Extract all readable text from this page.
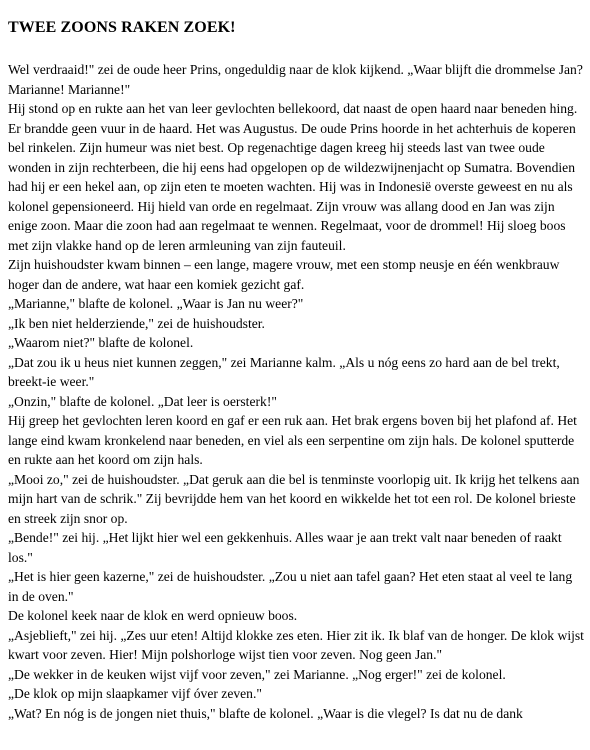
TWEE ZOONS RAKEN ZOEK!

Wel verdraaid!" zei de oude heer Prins, ongeduldig naar de klok kijkend. „Waar blijft die drommelse Jan? Marianne! Marianne!"

Hij stond op en rukte aan het van leer gevlochten bellekoord, dat naast de open haard naar beneden hing. Er brandde geen vuur in de haard. Het was Augustus. De oude Prins hoorde in het achterhuis de koperen bel rinkelen. Zijn humeur was niet best. Op regenachtige dagen kreeg hij steeds last van twee oude wonden in zijn rechterbeen, die hij eens had opgelopen op de wildezwijnenjacht op Sumatra. Bovendien had hij er een hekel aan, op zijn eten te moeten wachten. Hij was in Indonesië overste geweest en nu als kolonel gepensioneerd. Hij hield van orde en regelmaat. Zijn vrouw was allang dood en Jan was zijn enige zoon. Maar die zoon had aan regelmaat te wennen. Regelmaat, voor de drommel! Hij sloeg boos met zijn vlakke hand op de leren armleuning van zijn fauteuil.

Zijn huishoudster kwam binnen – een lange, magere vrouw, met een stomp neusje en één wenkbrauw hoger dan de andere, wat haar een komiek gezicht gaf.

„Marianne," blafte de kolonel. „Waar is Jan nu weer?"

„Ik ben niet helderziende," zei de huishoudster.

„Waarom niet?" blafte de kolonel.

„Dat zou ik u heus niet kunnen zeggen," zei Marianne kalm. „Als u nóg eens zo hard aan de bel trekt, breekt-ie weer."

„Onzin," blafte de kolonel. „Dat leer is oersterk!"

Hij greep het gevlochten leren koord en gaf er een ruk aan. Het brak ergens boven bij het plafond af. Het lange eind kwam kronkelend naar beneden, en viel als een serpentine om zijn hals. De kolonel sputterde en rukte aan het koord om zijn hals.

„Mooi zo," zei de huishoudster. „Dat geruk aan die bel is tenminste voorlopig uit. Ik krijg het telkens aan mijn hart van de schrik." Zij bevrijdde hem van het koord en wikkelde het tot een rol. De kolonel brieste en streek zijn snor op.

„Bende!" zei hij. „Het lijkt hier wel een gekkenhuis. Alles waar je aan trekt valt naar beneden of raakt los."

„Het is hier geen kazerne," zei de huishoudster. „Zou u niet aan tafel gaan? Het eten staat al veel te lang in de oven."

De kolonel keek naar de klok en werd opnieuw boos.

„Asjeblieft," zei hij. „Zes uur eten! Altijd klokke zes eten. Hier zit ik. Ik blaf van de honger. De klok wijst kwart voor zeven. Hier! Mijn polshorloge wijst tien voor zeven. Nog geen Jan."

„De wekker in de keuken wijst vijf voor zeven," zei Marianne. „Nog erger!" zei de kolonel.

„De klok op mijn slaapkamer vijf óver zeven."

„Wat? En nóg is de jongen niet thuis," blafte de kolonel. „Waar is die vlegel? Is dat nu de dank
